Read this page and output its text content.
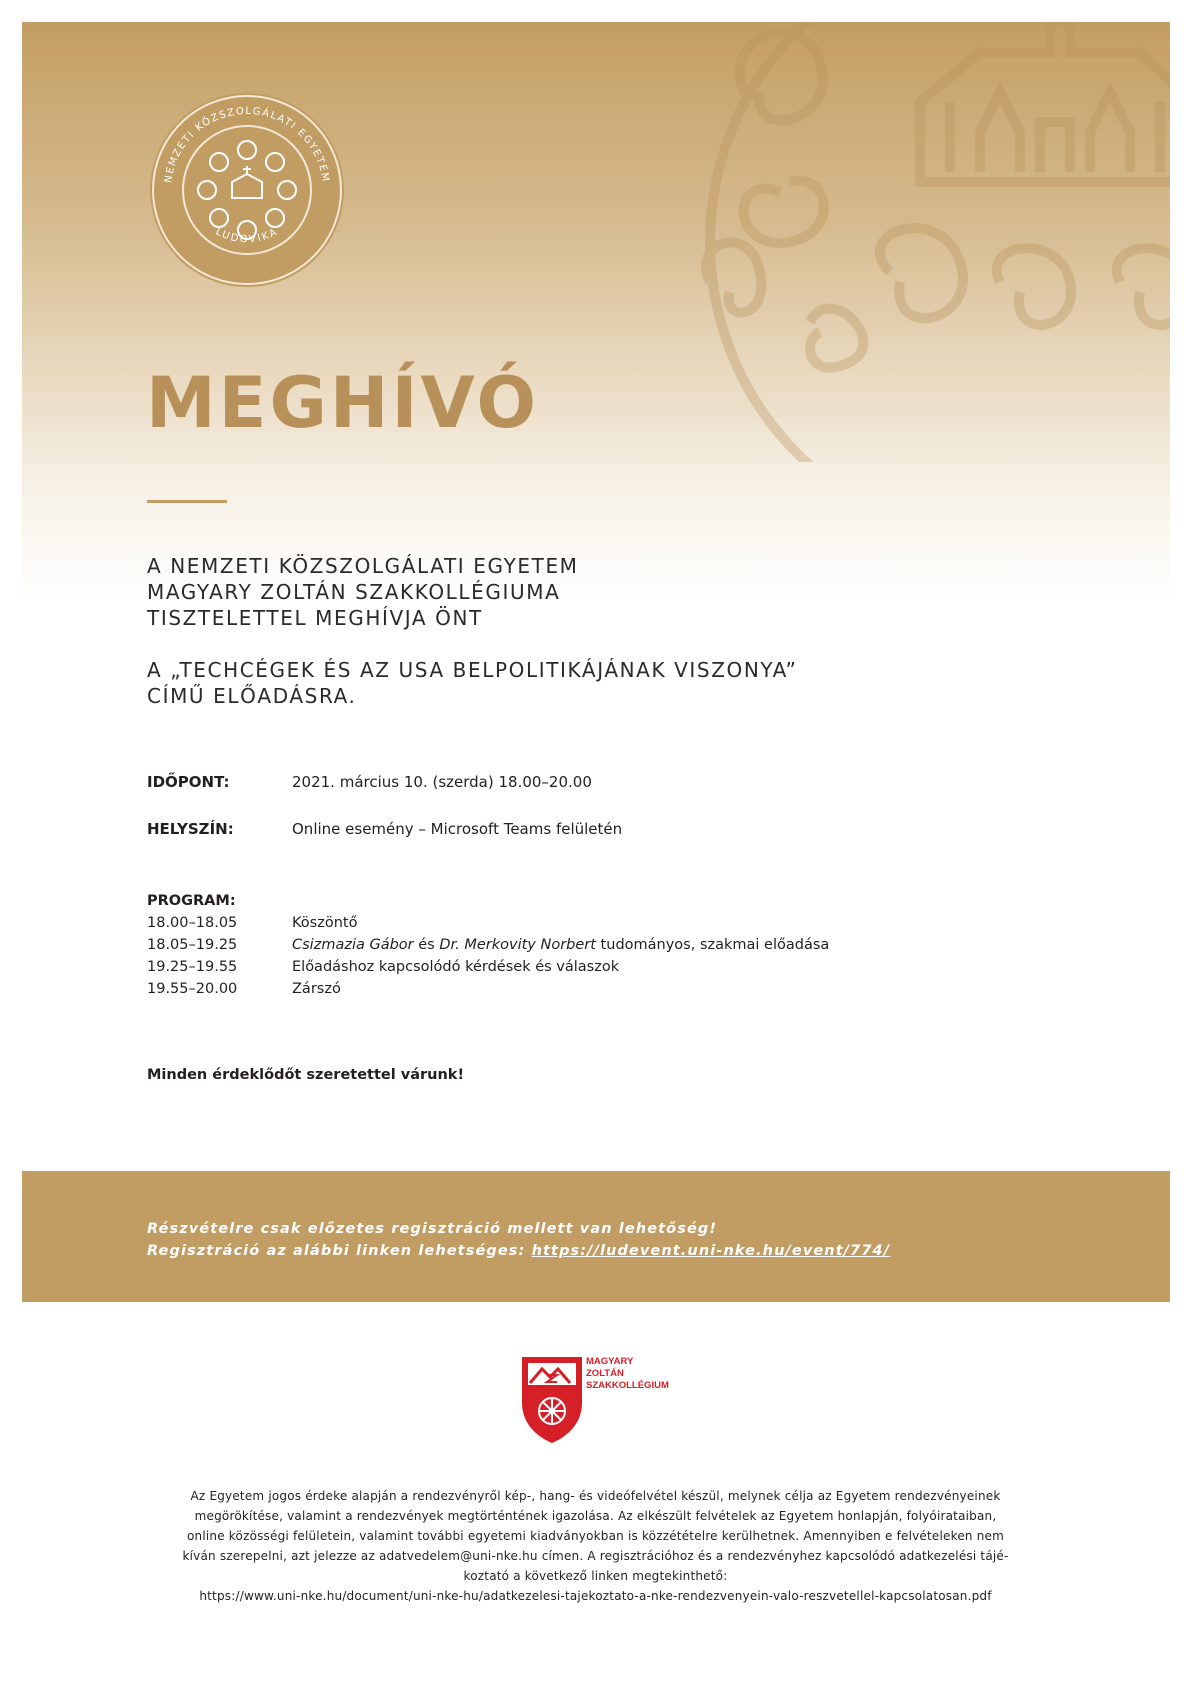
NEMZETI KÖZSZOLGÁLATI EGYETEM
LUDOVIKA
MEGHÍVÓ
A NEMZETI KÖZSZOLGÁLATI EGYETEM
MAGYARY ZOLTÁN SZAKKOLLÉGIUMA
TISZTELETTEL MEGHÍVJA ÖNT
A „TECHCÉGEK ÉS AZ USA BELPOLITIKÁJÁNAK VISZONYA”
CÍMŰ ELŐADÁSRA.
IDŐPONT:	2021. március 10. (szerda) 18.00–20.00
HELYSZÍN:	Online esemény – Microsoft Teams felületén
PROGRAM:
18.00–18.05	Köszöntő
18.05–19.25	Csizmazia Gábor és Dr. Merkovity Norbert tudományos, szakmai előadása
19.25–19.55	Előadáshoz kapcsolódó kérdések és válaszok
19.55–20.00	Zárszó
Minden érdeklődőt szeretettel várunk!
Részvételre csak előzetes regisztráció mellett van lehetőség!
Regisztráció az alábbi linken lehetséges: https://ludevent.uni-nke.hu/event/774/
MAGYARY
ZOLTÁN
SZAKKOLLÉGIUM
Az Egyetem jogos érdeke alapján a rendezvényről kép-, hang- és videófelvétel készül, melynek célja az Egyetem rendezvényeinek
megörökítése, valamint a rendezvények megtörténtének igazolása. Az elkészült felvételek az Egyetem honlapján, folyóirataiban,
online közösségi felületein, valamint további egyetemi kiadványokban is közzétételre kerülhetnek. Amennyiben e felvételeken nem
kíván szerepelni, azt jelezze az adatvedelem@uni-nke.hu címen. A regisztrációhoz és a rendezvényhez kapcsolódó adatkezelési tájé-
koztató a következő linken megtekinthető:
https://www.uni-nke.hu/document/uni-nke-hu/adatkezelesi-tajekoztato-a-nke-rendezvenyein-valo-reszvetellel-kapcsolatosan.pdf
